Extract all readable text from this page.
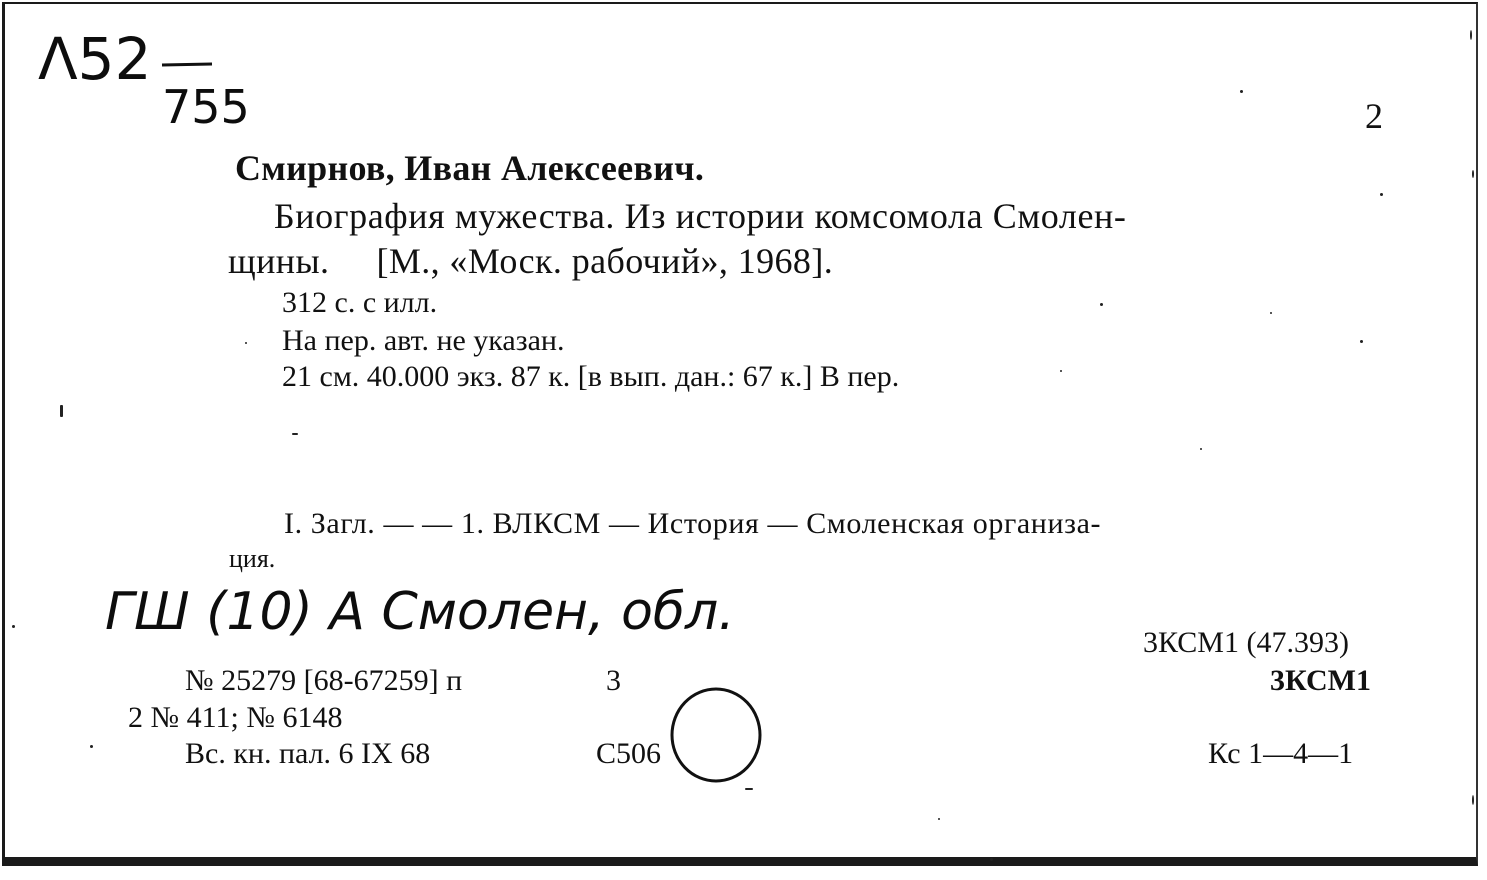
Λ52
755	2
Смирнов, Иван Алексеевич.
Биография мужества. Из истории комсомола Смолен-
щины.     [М., «Моск. рабочий», 1968].
312 с. с илл.
На пер. авт. не указан.
21 см. 40.000 экз. 87 к. [в вып. дан.: 67 к.] В пер.
I. Загл. — — 1. ВЛКСМ — История — Смоленская организа-
ция.
ГШ (10) А Смолен, обл.
№ 25279 [68-67259] п	3
2 № 411; № 6148
Вс. кн. пал. 6 IX 68	С506
3КСМ1 (47.393)
3КСМ1
Кс 1—4—1
